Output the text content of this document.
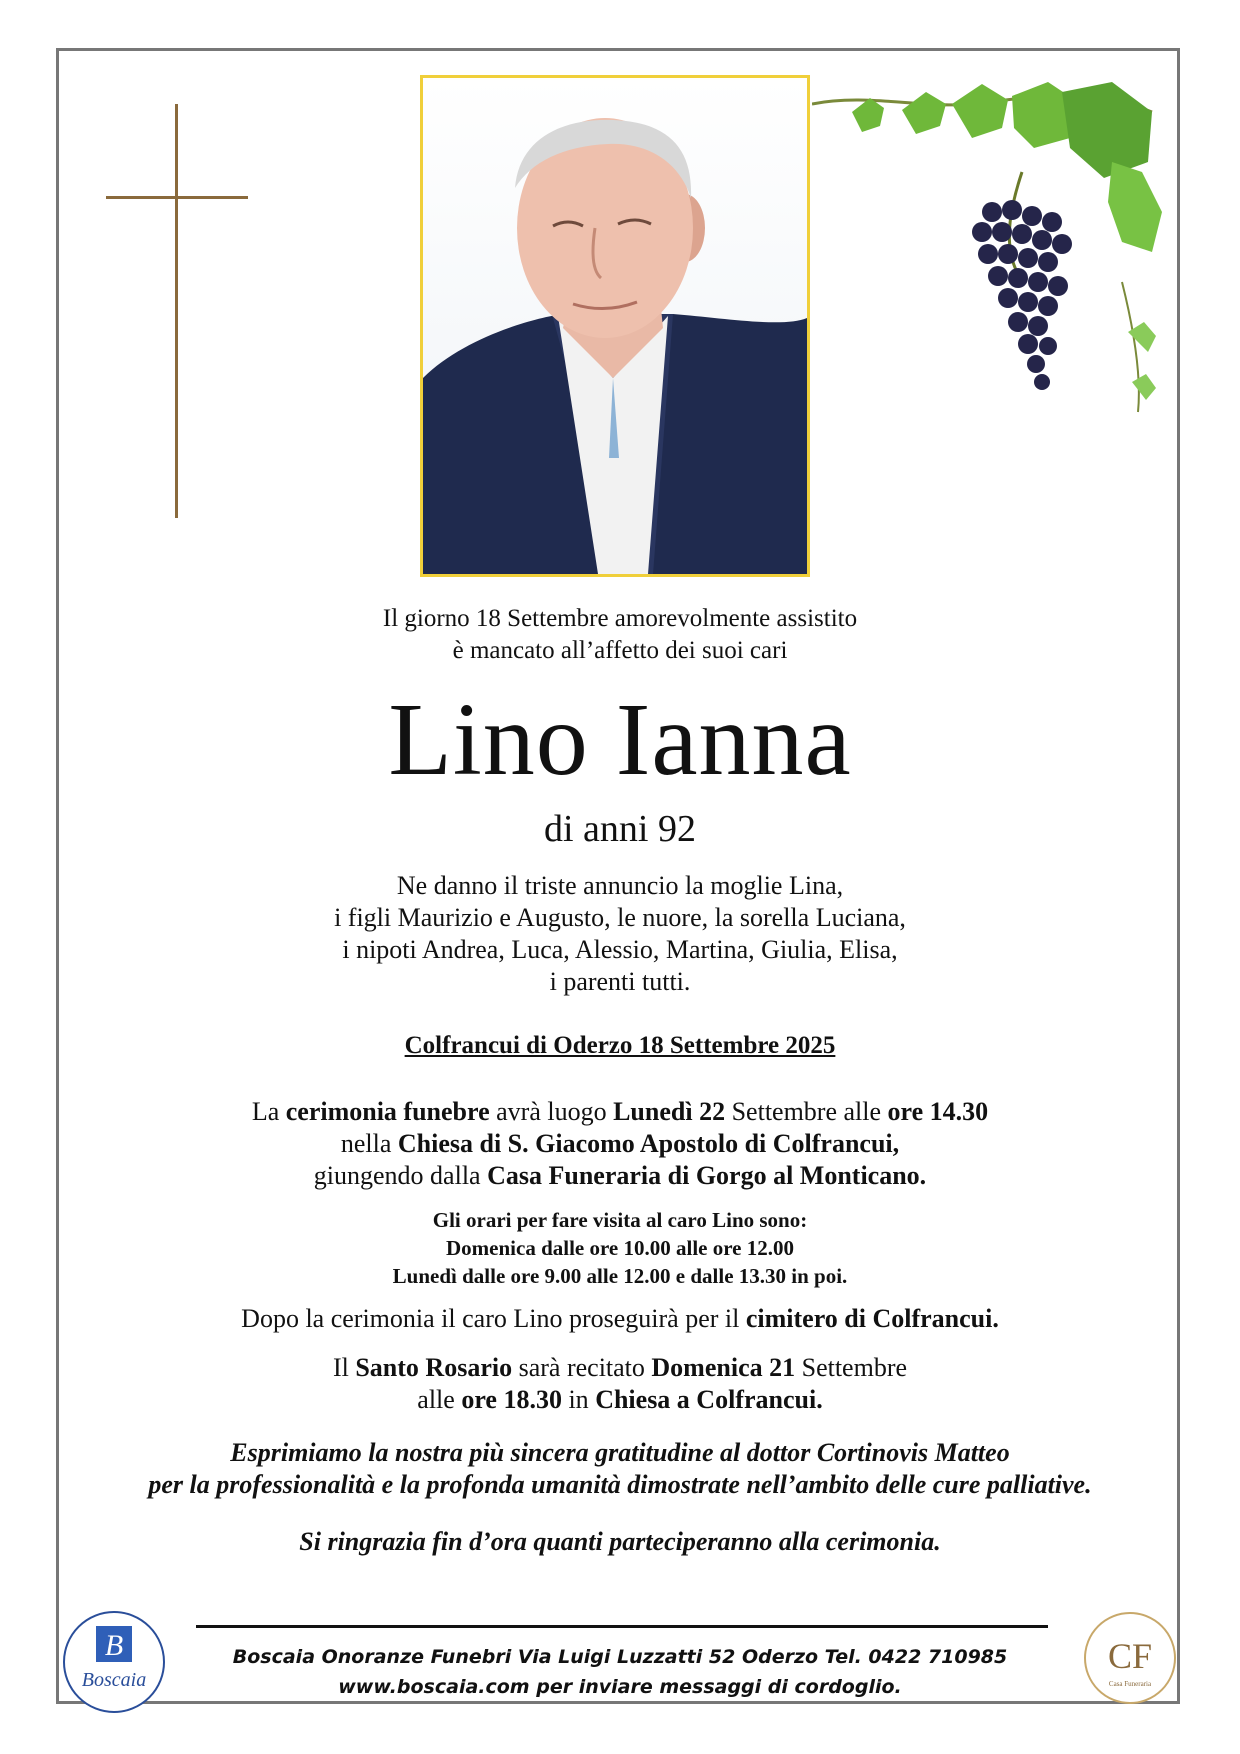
Il giorno 18 Settembre amorevolmente assistito
è mancato all’affetto dei suoi cari
Lino Ianna
di anni 92
Ne danno il triste annuncio la moglie Lina,
i figli Maurizio e Augusto, le nuore, la sorella Luciana,
i nipoti Andrea, Luca, Alessio, Martina, Giulia, Elisa,
i parenti tutti.
Colfrancui di Oderzo 18 Settembre 2025
La cerimonia funebre avrà luogo Lunedì 22 Settembre alle ore 14.30
nella Chiesa di S. Giacomo Apostolo di Colfrancui,
giungendo dalla Casa Funeraria di Gorgo al Monticano.
Gli orari per fare visita al caro Lino sono:
Domenica dalle ore 10.00 alle ore 12.00
Lunedì dalle ore 9.00 alle 12.00 e dalle 13.30 in poi.
Dopo la cerimonia il caro Lino proseguirà per il cimitero di Colfrancui.
Il Santo Rosario sarà recitato Domenica 21 Settembre
alle ore 18.30 in Chiesa a Colfrancui.
Esprimiamo la nostra più sincera gratitudine al dottor Cortinovis Matteo
per la professionalità e la profonda umanità dimostrate nell’ambito delle cure palliative.
Si ringrazia fin d’ora quanti parteciperanno alla cerimonia.
Boscaia Onoranze Funebri Via Luigi Luzzatti 52 Oderzo Tel. 0422 710985
www.boscaia.com per inviare messaggi di cordoglio.
B
Boscaia
CF
Casa Funeraria
